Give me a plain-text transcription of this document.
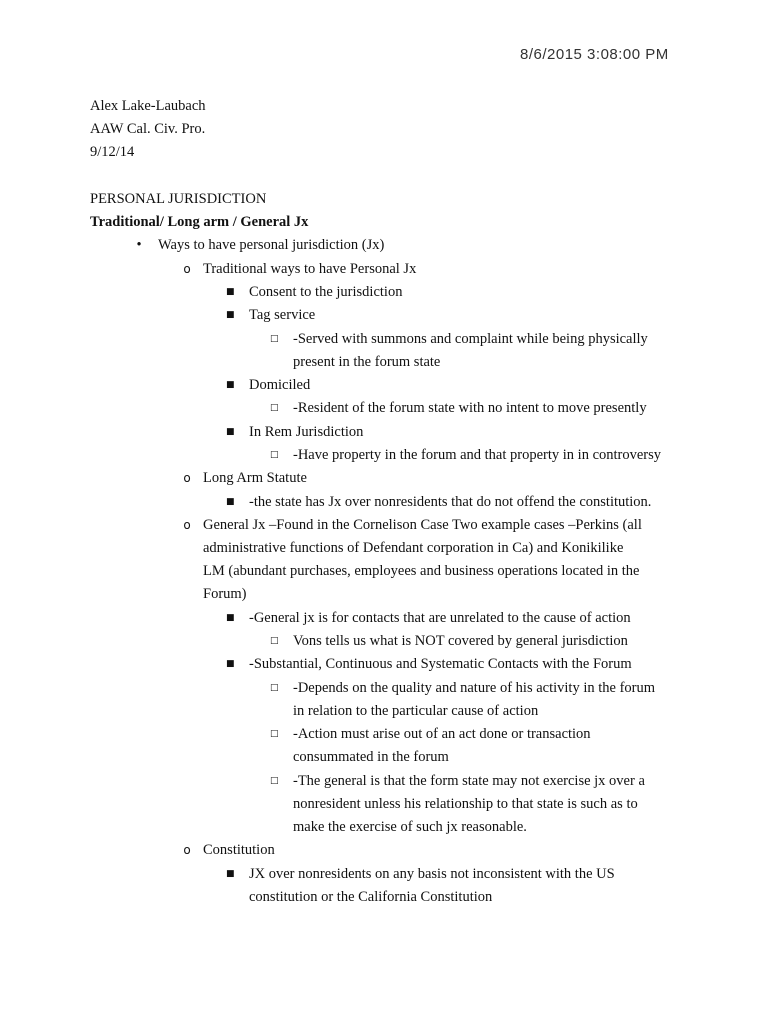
8/6/2015 3:08:00 PM
Alex Lake-Laubach
AAW Cal. Civ. Pro.
9/12/14
PERSONAL JURISDICTION
Traditional/ Long arm / General Jx
• Ways to have personal jurisdiction (Jx)
o Traditional ways to have Personal Jx
■ Consent to the jurisdiction
■ Tag service
□ -Served with summons and complaint while being physically
present in the forum state
■ Domiciled
□ -Resident of the forum state with no intent to move presently
■ In Rem Jurisdiction
□ -Have property in the forum and that property in in controversy
o Long Arm Statute
■ -the state has Jx over nonresidents that do not offend the constitution.
o General Jx –Found in the Cornelison Case Two example cases –Perkins (all
administrative functions of Defendant corporation in Ca) and Konikilike
LM (abundant purchases, employees and business operations located in the
Forum)
■ -General jx is for contacts that are unrelated to the cause of action
□ Vons tells us what is NOT covered by general jurisdiction
■ -Substantial, Continuous and Systematic Contacts with the Forum
□ -Depends on the quality and nature of his activity in the forum
in relation to the particular cause of action
□ -Action must arise out of an act done or transaction
consummated in the forum
□ -The general is that the form state may not exercise jx over a
nonresident unless his relationship to that state is such as to
make the exercise of such jx reasonable.
o Constitution
■ JX over nonresidents on any basis not inconsistent with the US
constitution or the California Constitution
